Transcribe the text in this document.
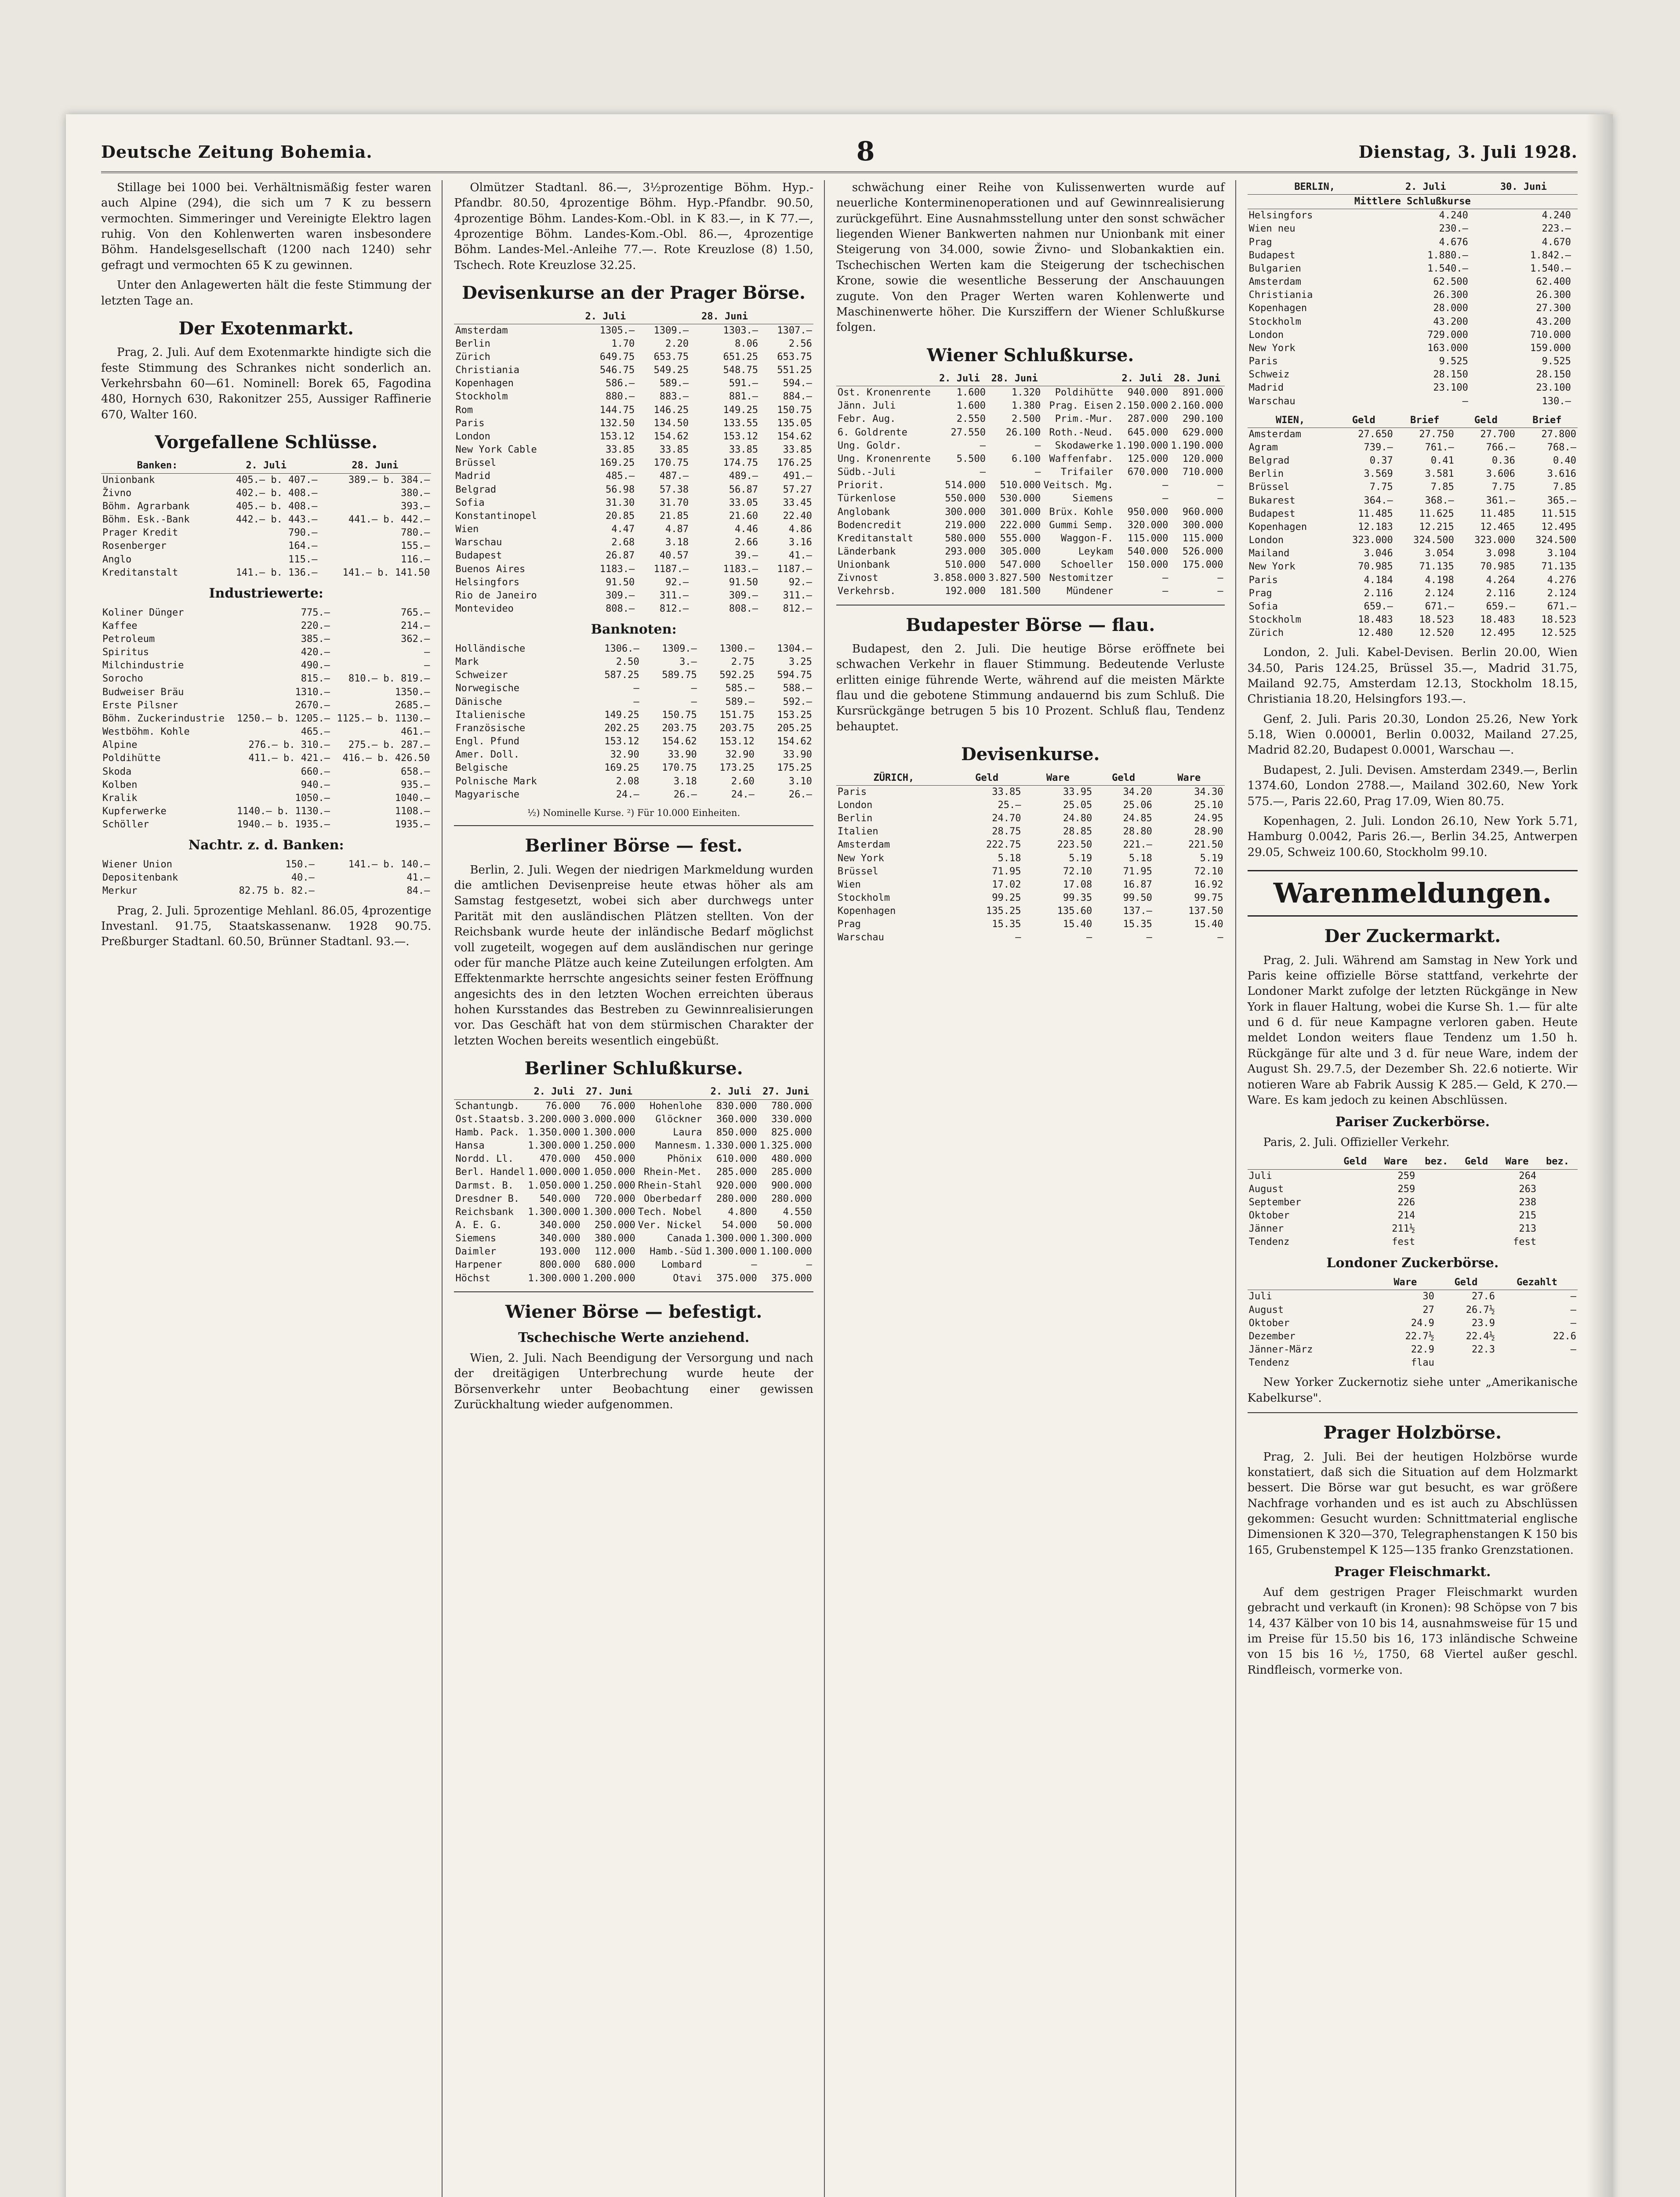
Deutsche Zeitung Bohemia.	8	Dienstag, 3. Juli 1928.

Stillage bei 1000 bei. Verhältnismäßig fester waren auch Alpine (294), die sich um 7 K zu bessern vermochten. Simmeringer und Vereinigte Elektro lagen ruhig. Von den Kohlenwerten waren insbesondere Böhm. Handelsgesellschaft (1200 nach 1240) sehr gefragt und vermochten 65 K zu gewinnen.

Unter den Anlagewerten hält die feste Stimmung der letzten Tage an.

Der Exotenmarkt.

Prag, 2. Juli. Auf dem Exotenmarkte hindigte sich die feste Stimmung des Schrankes nicht sonderlich an. Verkehrsbahn 60—61. Nominell: Borek 65, Fagodina 480, Hornych 630, Rakonitzer 255, Aussiger Raffinerie 670, Walter 160.

Vorgefallene Schlüsse.
Banken:	2. Juli	28. Juni
Unionbank	405.— b. 407.—	389.— b. 384.—
Živno	402.— b. 408.—	380.—
Böhm. Agrarbank	405.— b. 408.—	393.—
Böhm. Esk.-Bank	442.— b. 443.—	441.— b. 442.—
Prager Kredit	790.—	780.—
Rosenberger	164.—	155.—
Anglo	115.—	116.—
Kreditanstalt	141.— b. 136.—	141.— b. 141.50
Industriewerte:
Koliner Dünger	775.—	765.—
Kaffee	220.—	214.—
Petroleum	385.—	362.—
Spiritus	420.—	—
Milchindustrie	490.—	—
Sorocho	815.—	810.— b. 819.—
Budweiser Bräu	1310.—	1350.—
Erste Pilsner	2670.—	2685.—
Böhm. Zuckerindustrie	1250.— b. 1205.—	1125.— b. 1130.—
Westböhm. Kohle	465.—	461.—
Alpine	276.— b. 310.—	275.— b. 287.—
Poldihütte	411.— b. 421.—	416.— b. 426.50
Skoda	660.—	658.—
Kolben	940.—	935.—
Kralik	1050.—	1040.—
Kupferwerke	1140.— b. 1130.—	1108.—
Schöller	1940.— b. 1935.—	1935.—
Nachtr. z. d. Banken:
Wiener Union	150.—	141.— b. 140.—
Depositenbank	40.—	41.—
Merkur	82.75 b. 82.—	84.—

Prag, 2. Juli. 5prozentige Mehlanl. 86.05, 4prozentige Investanl. 91.75, Staatskassenanw. 1928 90.75. Preßburger Stadtanl. 60.50, Brünner Stadtanl. 93.—.

Olmützer Stadtanl. 86.—, 3½prozentige Böhm. Hyp.-Pfandbr. 80.50, 4prozentige Böhm. Hyp.-Pfandbr. 90.50, 4prozentige Böhm. Landes-Kom.-Obl. in K 83.—, in K 77.—, 4prozentige Böhm. Landes-Kom.-Obl. 86.—, 4prozentige Böhm. Landes-Mel.-Anleihe 77.—. Rote Kreuzlose (8) 1.50, Tschech. Rote Kreuzlose 32.25.

Devisenkurse an der Prager Börse.
	2. Juli		28. Juni	
Amsterdam	1305.—	1309.—	1303.—	1307.—
Berlin	1.70	2.20	8.06	2.56
Zürich	649.75	653.75	651.25	653.75
Christiania	546.75	549.25	548.75	551.25
Kopenhagen	586.—	589.—	591.—	594.—
Stockholm	880.—	883.—	881.—	884.—
Rom	144.75	146.25	149.25	150.75
Paris	132.50	134.50	133.55	135.05
London	153.12	154.62	153.12	154.62
New York Cable	33.85	33.85	33.85	33.85
Brüssel	169.25	170.75	174.75	176.25
Madrid	485.—	487.—	489.—	491.—
Belgrad	56.98	57.38	56.87	57.27
Sofia	31.30	31.70	33.05	33.45
Konstantinopel	20.85	21.85	21.60	22.40
Wien	4.47	4.87	4.46	4.86
Warschau	2.68	3.18	2.66	3.16
Budapest	26.87	40.57	39.—	41.—
Buenos Aires	1183.—	1187.—	1183.—	1187.—
Helsingfors	91.50	92.—	91.50	92.—
Rio de Janeiro	309.—	311.—	309.—	311.—
Montevideo	808.—	812.—	808.—	812.—
Banknoten:
Holländische	1306.—	1309.—	1300.—	1304.—
Mark	2.50	3.—	2.75	3.25
Schweizer	587.25	589.75	592.25	594.75
Norwegische	—	—	585.—	588.—
Dänische	—	—	589.—	592.—
Italienische	149.25	150.75	151.75	153.25
Französische	202.25	203.75	203.75	205.25
Engl. Pfund	153.12	154.62	153.12	154.62
Amer. Doll.	32.90	33.90	32.90	33.90
Belgische	169.25	170.75	173.25	175.25
Polnische Mark	2.08	3.18	2.60	3.10
Magyarische	24.—	26.—	24.—	26.—
½) Nominelle Kurse. ²) Für 10.000 Einheiten.
Berliner Börse — fest.

Berlin, 2. Juli. Wegen der niedrigen Markmeldung wurden die amtlichen Devisenpreise heute etwas höher als am Samstag festgesetzt, wobei sich aber durchwegs unter Parität mit den ausländischen Plätzen stellten. Von der Reichsbank wurde heute der inländische Bedarf möglichst voll zugeteilt, wogegen auf dem ausländischen nur geringe oder für manche Plätze auch keine Zuteilungen erfolgten. Am Effektenmarkte herrschte angesichts seiner festen Eröffnung angesichts des in den letzten Wochen erreichten überaus hohen Kursstandes das Bestreben zu Gewinnrealisierungen vor. Das Geschäft hat von dem stürmischen Charakter der letzten Wochen bereits wesentlich eingebüßt.

Berliner Schlußkurse.
	2. Juli	27. Juni		2. Juli	27. Juni
Schantungb.	76.000	76.000	Hohenlohe	830.000	780.000
Ost.Staatsb.	3.200.000	3.000.000	Glöckner	360.000	330.000
Hamb. Pack.	1.350.000	1.300.000	Laura	850.000	825.000
Hansa	1.300.000	1.250.000	Mannesm.	1.330.000	1.325.000
Nordd. Ll.	470.000	450.000	Phönix	610.000	480.000
Berl. Handel	1.000.000	1.050.000	Rhein-Met.	285.000	285.000
Darmst. B.	1.050.000	1.250.000	Rhein-Stahl	920.000	900.000
Dresdner B.	540.000	720.000	Oberbedarf	280.000	280.000
Reichsbank	1.300.000	1.300.000	Tech. Nobel	4.800	4.550
A. E. G.	340.000	250.000	Ver. Nickel	54.000	50.000
Siemens	340.000	380.000	Canada	1.300.000	1.300.000
Daimler	193.000	112.000	Hamb.-Süd	1.300.000	1.100.000
Harpener	800.000	680.000	Lombard	—	—
Höchst	1.300.000	1.200.000	Otavi	375.000	375.000
Wiener Börse — befestigt.
Tschechische Werte anziehend.

Wien, 2. Juli. Nach Beendigung der Versorgung und nach der dreitägigen Unterbrechung wurde heute der Börsenverkehr unter Beobachtung einer gewissen Zurückhaltung wieder aufgenommen.

schwächung einer Reihe von Kulissenwerten wurde auf neuerliche Konterminenoperationen und auf Gewinnrealisierung zurückgeführt. Eine Ausnahmsstellung unter den sonst schwächer liegenden Wiener Bankwerten nahmen nur Unionbank mit einer Steigerung von 34.000, sowie Živno- und Slobankaktien ein. Tschechischen Werten kam die Steigerung der tschechischen Krone, sowie die wesentliche Besserung der Anschauungen zugute. Von den Prager Werten waren Kohlenwerte und Maschinenwerte höher. Die Kursziffern der Wiener Schlußkurse folgen.

Wiener Schlußkurse.
	2. Juli	28. Juni		2. Juli	28. Juni
Ost. Kronenrente	1.600	1.320	Poldihütte	940.000	891.000
Jänn. Juli	1.600	1.380	Prag. Eisen	2.150.000	2.160.000
Febr. Aug.	2.550	2.500	Prim.-Mur.	287.000	290.100
6. Goldrente	27.550	26.100	Roth.-Neud.	645.000	629.000
Ung. Goldr.	—	—	Skodawerke	1.190.000	1.190.000
Ung. Kronenrente	5.500	6.100	Waffenfabr.	125.000	120.000
Südb.-Juli	—	—	Trifailer	670.000	710.000
Priorit.	514.000	510.000	Veitsch. Mg.	—	—
Türkenlose	550.000	530.000	Siemens	—	—
Anglobank	300.000	301.000	Brüx. Kohle	950.000	960.000
Bodencredit	219.000	222.000	Gummi Semp.	320.000	300.000
Kreditanstalt	580.000	555.000	Waggon-F.	115.000	115.000
Länderbank	293.000	305.000	Leykam	540.000	526.000
Unionbank	510.000	547.000	Schoeller	150.000	175.000
Zivnost	3.858.000	3.827.500	Nestomitzer	—	—
Verkehrsb.	192.000	181.500	Mündener	—	—
Budapester Börse — flau.

Budapest, den 2. Juli. Die heutige Börse eröffnete bei schwachen Verkehr in flauer Stimmung. Bedeutende Verluste erlitten einige führende Werte, während auf die meisten Märkte flau und die gebotene Stimmung andauernd bis zum Schluß. Die Kursrückgänge betrugen 5 bis 10 Prozent. Schluß flau, Tendenz behauptet.

Devisenkurse.
ZÜRICH,	Geld	Ware	Geld	Ware
Paris	33.85	33.95	34.20	34.30
London	25.—	25.05	25.06	25.10
Berlin	24.70	24.80	24.85	24.95
Italien	28.75	28.85	28.80	28.90
Amsterdam	222.75	223.50	221.—	221.50
New York	5.18	5.19	5.18	5.19
Brüssel	71.95	72.10	71.95	72.10
Wien	17.02	17.08	16.87	16.92
Stockholm	99.25	99.35	99.50	99.75
Kopenhagen	135.25	135.60	137.—	137.50
Prag	15.35	15.40	15.35	15.40
Warschau	—	—	—	—
BERLIN,	2. Juli		30. Juni	
Mittlere Schlußkurse				
Helsingfors	4.240		4.240	
Wien neu	230.—		223.—	
Prag	4.676		4.670	
Budapest	1.880.—		1.842.—	
Bulgarien	1.540.—		1.540.—	
Amsterdam	62.500		62.400	
Christiania	26.300		26.300	
Kopenhagen	28.000		27.300	
Stockholm	43.200		43.200	
London	729.000		710.000	
New York	163.000		159.000	
Paris	9.525		9.525	
Schweiz	28.150		28.150	
Madrid	23.100		23.100	
Warschau	—		130.—	
WIEN,	Geld	Brief	Geld	Brief
Amsterdam	27.650	27.750	27.700	27.800
Agram	739.—	761.—	766.—	768.—
Belgrad	0.37	0.41	0.36	0.40
Berlin	3.569	3.581	3.606	3.616
Brüssel	7.75	7.85	7.75	7.85
Bukarest	364.—	368.—	361.—	365.—
Budapest	11.485	11.625	11.485	11.515
Kopenhagen	12.183	12.215	12.465	12.495
London	323.000	324.500	323.000	324.500
Mailand	3.046	3.054	3.098	3.104
New York	70.985	71.135	70.985	71.135
Paris	4.184	4.198	4.264	4.276
Prag	2.116	2.124	2.116	2.124
Sofia	659.—	671.—	659.—	671.—
Stockholm	18.483	18.523	18.483	18.523
Zürich	12.480	12.520	12.495	12.525

London, 2. Juli. Kabel-Devisen. Berlin 20.00, Wien 34.50, Paris 124.25, Brüssel 35.—, Madrid 31.75, Mailand 92.75, Amsterdam 12.13, Stockholm 18.15, Christiania 18.20, Helsingfors 193.—.

Genf, 2. Juli. Paris 20.30, London 25.26, New York 5.18, Wien 0.00001, Berlin 0.0032, Mailand 27.25, Madrid 82.20, Budapest 0.0001, Warschau —.

Budapest, 2. Juli. Devisen. Amsterdam 2349.—, Berlin 1374.60, London 2788.—, Mailand 302.60, New York 575.—, Paris 22.60, Prag 17.09, Wien 80.75.

Kopenhagen, 2. Juli. London 26.10, New York 5.71, Hamburg 0.0042, Paris 26.—, Berlin 34.25, Antwerpen 29.05, Schweiz 100.60, Stockholm 99.10.

Warenmeldungen.
Der Zuckermarkt.

Prag, 2. Juli. Während am Samstag in New York und Paris keine offizielle Börse stattfand, verkehrte der Londoner Markt zufolge der letzten Rückgänge in New York in flauer Haltung, wobei die Kurse Sh. 1.— für alte und 6 d. für neue Kampagne verloren gaben. Heute meldet London weiters flaue Tendenz um 1.50 h. Rückgänge für alte und 3 d. für neue Ware, indem der August Sh. 29.7.5, der Dezember Sh. 22.6 notierte. Wir notieren Ware ab Fabrik Aussig K 285.— Geld, K 270.— Ware. Es kam jedoch zu keinen Abschlüssen.

Pariser Zuckerbörse.

Paris, 2. Juli. Offizieller Verkehr.

	Geld	Ware	bez.	Geld	Ware	bez.
Juli		259			264	
August		259			263	
September		226			238	
Oktober		214			215	
Jänner		211½			213	
Tendenz		fest			fest	
Londoner Zuckerbörse.
	Ware	Geld	Gezahlt
Juli	30	27.6	—
August	27	26.7½	—
Oktober	24.9	23.9	—
Dezember	22.7½	22.4½	22.6
Jänner-März	22.9	22.3	—
Tendenz	flau		

New Yorker Zuckernotiz siehe unter „Amerikanische Kabelkurse".

Prager Holzbörse.

Prag, 2. Juli. Bei der heutigen Holzbörse wurde konstatiert, daß sich die Situation auf dem Holzmarkt bessert. Die Börse war gut besucht, es war größere Nachfrage vorhanden und es ist auch zu Abschlüssen gekommen: Gesucht wurden: Schnittmaterial englische Dimensionen K 320—370, Telegraphenstangen K 150 bis 165, Grubenstempel K 125—135 franko Grenzstationen.

Prager Fleischmarkt.

Auf dem gestrigen Prager Fleischmarkt wurden gebracht und verkauft (in Kronen): 98 Schöpse von 7 bis 14, 437 Kälber von 10 bis 14, ausnahmsweise für 15 und im Preise für 15.50 bis 16, 173 inländische Schweine von 15 bis 16 ½, 1750, 68 Viertel außer geschl. Rindfleisch, vormerke von.
